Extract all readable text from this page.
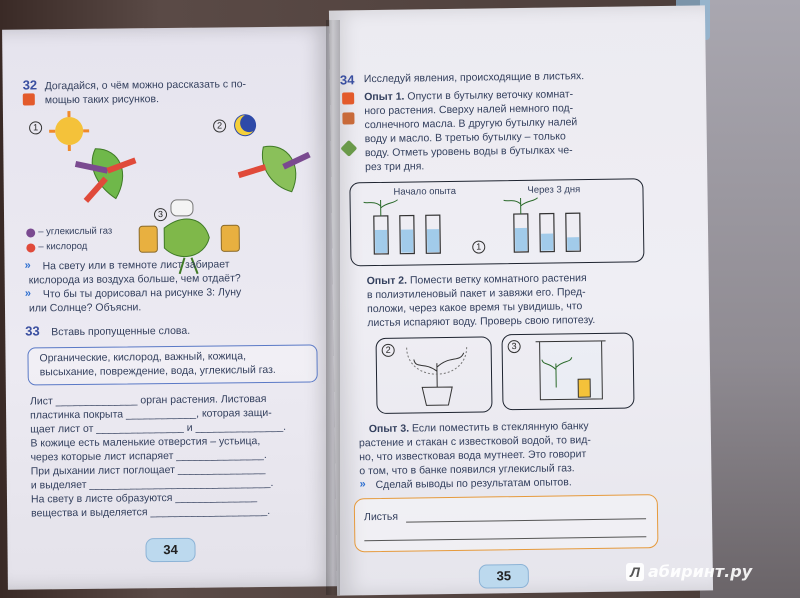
32 Догадайся, о чём можно рассказать с по-
мощью таких рисунков.
1	2
3
– углекислый газ
– кислород
» На свету или в темноте лист забирает
кислорода из воздуха больше, чем отдаёт?
» Что бы ты дорисовал на рисунке 3: Луну
или Солнце? Объясни.
33 Вставь пропущенные слова.
Органические, кислород, важный, кожица,
высыхание, повреждение, вода, углекислый газ.
Лист ______________ орган растения. Листовая
пластинка покрыта ____________, которая защи-
щает лист от _______________ и _______________.
В кожице есть маленькие отверстия – устьица,
через которые лист испаряет _______________.
При дыхании лист поглощает _______________
и выделяет _______________________________.
На свету в листе образуются ______________
вещества и выделяется ____________________.
34
34 Исследуй явления, происходящие в листьях.
Опыт 1. Опусти в бутылку веточку комнат-
ного растения. Сверху налей немного под-
солнечного масла. В другую бутылку налей
воду и масло. В третью бутылку – только
воду. Отметь уровень воды в бутылках че-
рез три дня.
Начало опыта	Через 3 дня
1
Опыт 2. Помести ветку комнатного растения
в полиэтиленовый пакет и завяжи его. Пред-
положи, через какое время ты увидишь, что
листья испаряют воду. Проверь свою гипотезу.
2	3
Опыт 3. Если поместить в стеклянную банку
растение и стакан с известковой водой, то вид-
но, что известковая вода мутнеет. Это говорит
о том, что в банке появился углекислый газ.
» Сделай выводы по результатам опытов.
Листья
35	Л абиринт.ру
